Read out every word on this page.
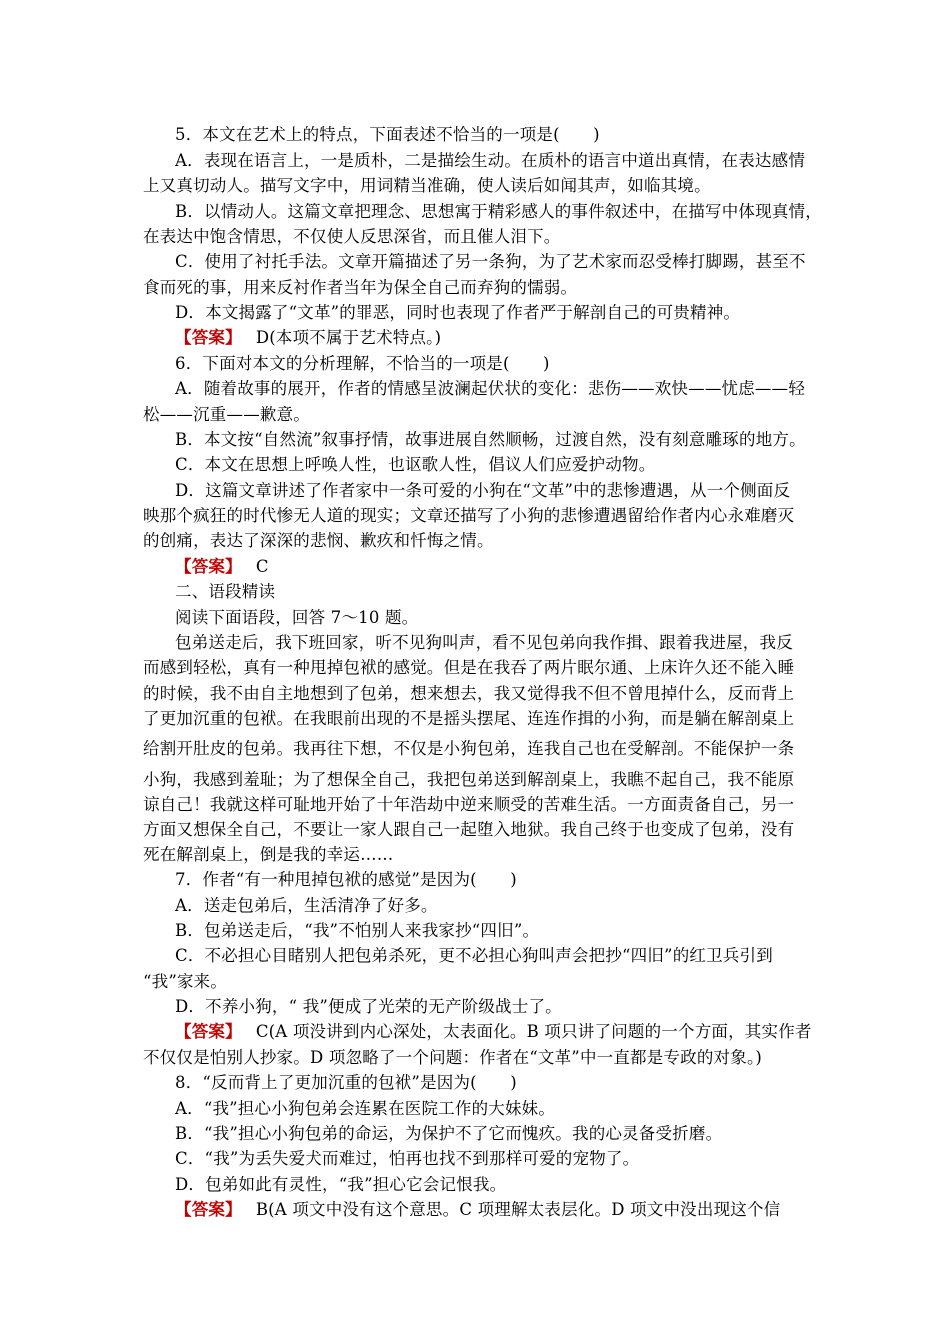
5．本文在艺术上的特点，下面表述不恰当的一项是(　　)
A．表现在语言上，一是质朴，二是描绘生动。在质朴的语言中道出真情，在表达感情
上又真切动人。描写文字中，用词精当准确，使人读后如闻其声，如临其境。
B．以情动人。这篇文章把理念、思想寓于精彩感人的事件叙述中，在描写中体现真情，
在表达中饱含情思，不仅使人反思深省，而且催人泪下。
C．使用了衬托手法。文章开篇描述了另一条狗，为了艺术家而忍受棒打脚踢，甚至不
食而死的事，用来反衬作者当年为保全自己而弃狗的懦弱。
D．本文揭露了“文革”的罪恶，同时也表现了作者严于解剖自己的可贵精神。
【答案】 D(本项不属于艺术特点。)
6．下面对本文的分析理解，不恰当的一项是(　　)
A．随着故事的展开，作者的情感呈波澜起伏状的变化：悲伤——欢快——忧虑——轻
松——沉重——歉意。
B．本文按“自然流”叙事抒情，故事进展自然顺畅，过渡自然，没有刻意雕琢的地方。
C．本文在思想上呼唤人性，也讴歌人性，倡议人们应爱护动物。
D．这篇文章讲述了作者家中一条可爱的小狗在“文革”中的悲惨遭遇，从一个侧面反
映那个疯狂的时代惨无人道的现实；文章还描写了小狗的悲惨遭遇留给作者内心永难磨灭
的创痛，表达了深深的悲悯、歉疚和忏悔之情。
【答案】 C
二、语段精读
阅读下面语段，回答 7～10 题。
包弟送走后，我下班回家，听不见狗叫声，看不见包弟向我作揖、跟着我进屋，我反
而感到轻松，真有一种甩掉包袱的感觉。但是在我吞了两片眠尔通、上床许久还不能入睡
的时候，我不由自主地想到了包弟，想来想去，我又觉得我不但不曾甩掉什么，反而背上
了更加沉重的包袱。在我眼前出现的不是摇头摆尾、连连作揖的小狗，而是躺在解剖桌上
给割开肚皮的包弟。我再往下想，不仅是小狗包弟，连我自己也在受解剖。不能保护一条
小狗，我感到羞耻；为了想保全自己，我把包弟送到解剖桌上，我瞧不起自己，我不能原
谅自己！我就这样可耻地开始了十年浩劫中逆来顺受的苦难生活。一方面责备自己，另一
方面又想保全自己，不要让一家人跟自己一起堕入地狱。我自己终于也变成了包弟，没有
死在解剖桌上，倒是我的幸运……
7．作者“有一种甩掉包袱的感觉”是因为(　　)
A．送走包弟后，生活清净了好多。
B．包弟送走后，“我”不怕别人来我家抄“四旧”。
C．不必担心目睹别人把包弟杀死，更不必担心狗叫声会把抄“四旧”的红卫兵引到
“我”家来。
D．不养小狗，“ 我”便成了光荣的无产阶级战士了。
【答案】 C(A 项没讲到内心深处，太表面化。B 项只讲了问题的一个方面，其实作者
不仅仅是怕别人抄家。D 项忽略了一个问题：作者在“文革”中一直都是专政的对象。)
8．“反而背上了更加沉重的包袱”是因为(　　)
A．“我”担心小狗包弟会连累在医院工作的大妹妹。
B．“我”担心小狗包弟的命运，为保护不了它而愧疚。我的心灵备受折磨。
C．“我”为丢失爱犬而难过，怕再也找不到那样可爱的宠物了。
D．包弟如此有灵性，“我”担心它会记恨我。
【答案】 B(A 项文中没有这个意思。C 项理解太表层化。D 项文中没出现这个信
